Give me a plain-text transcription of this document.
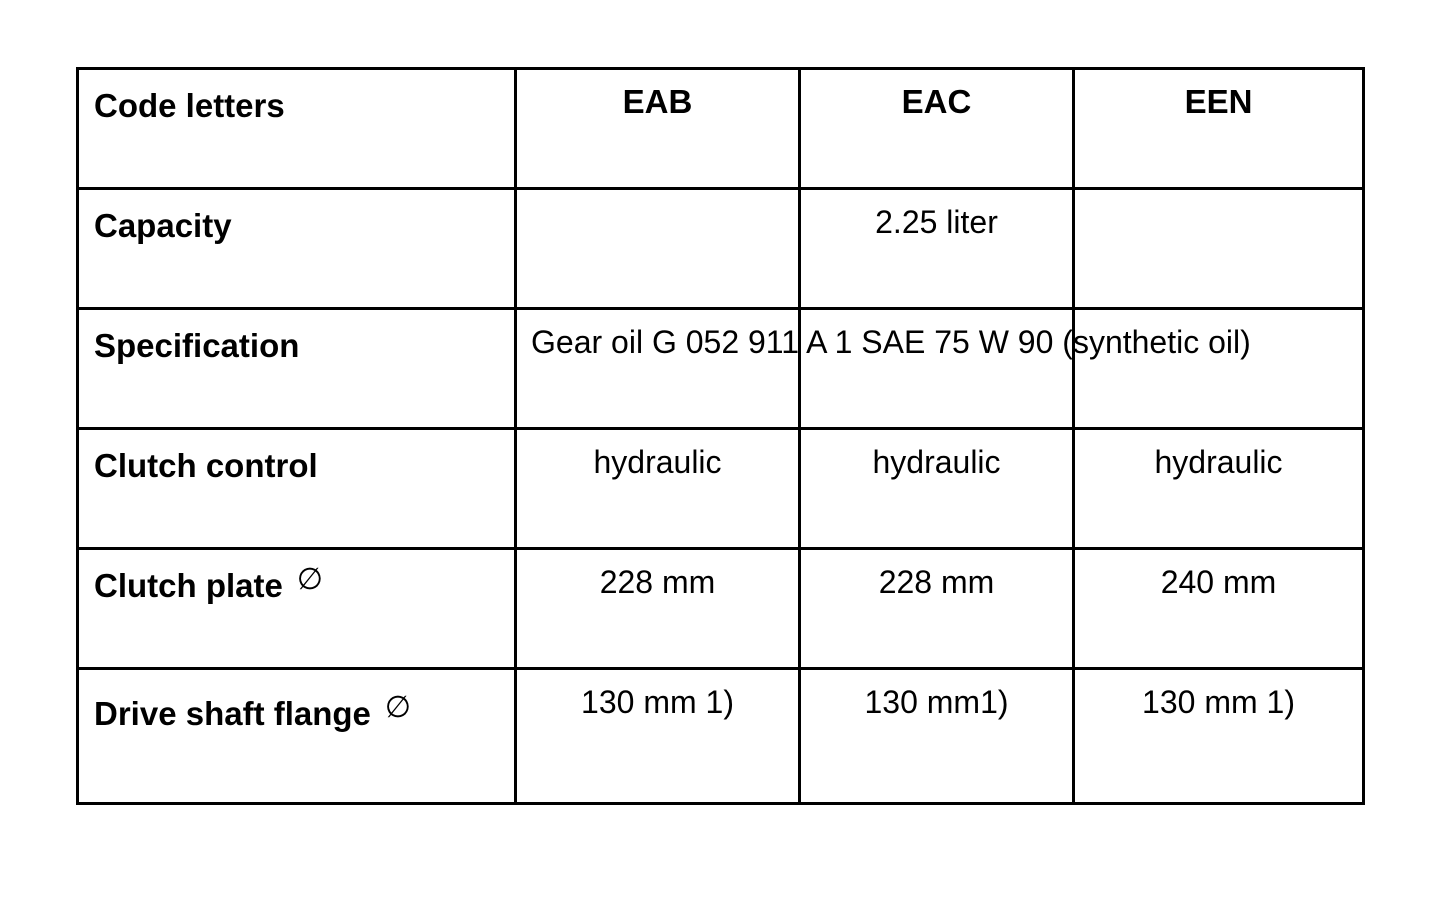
Code letters	EAB	EAC	EEN

Capacity		2.25 liter	

Specification	Gear oil G 052 911 A 1 SAE 75 W 90 (synthetic oil)		

Clutch control	hydraulic	hydraulic	hydraulic

Clutch plate ∅	228 mm	228 mm	240 mm

Drive shaft flange ∅	130 mm 1)	130 mm1)	130 mm 1)
